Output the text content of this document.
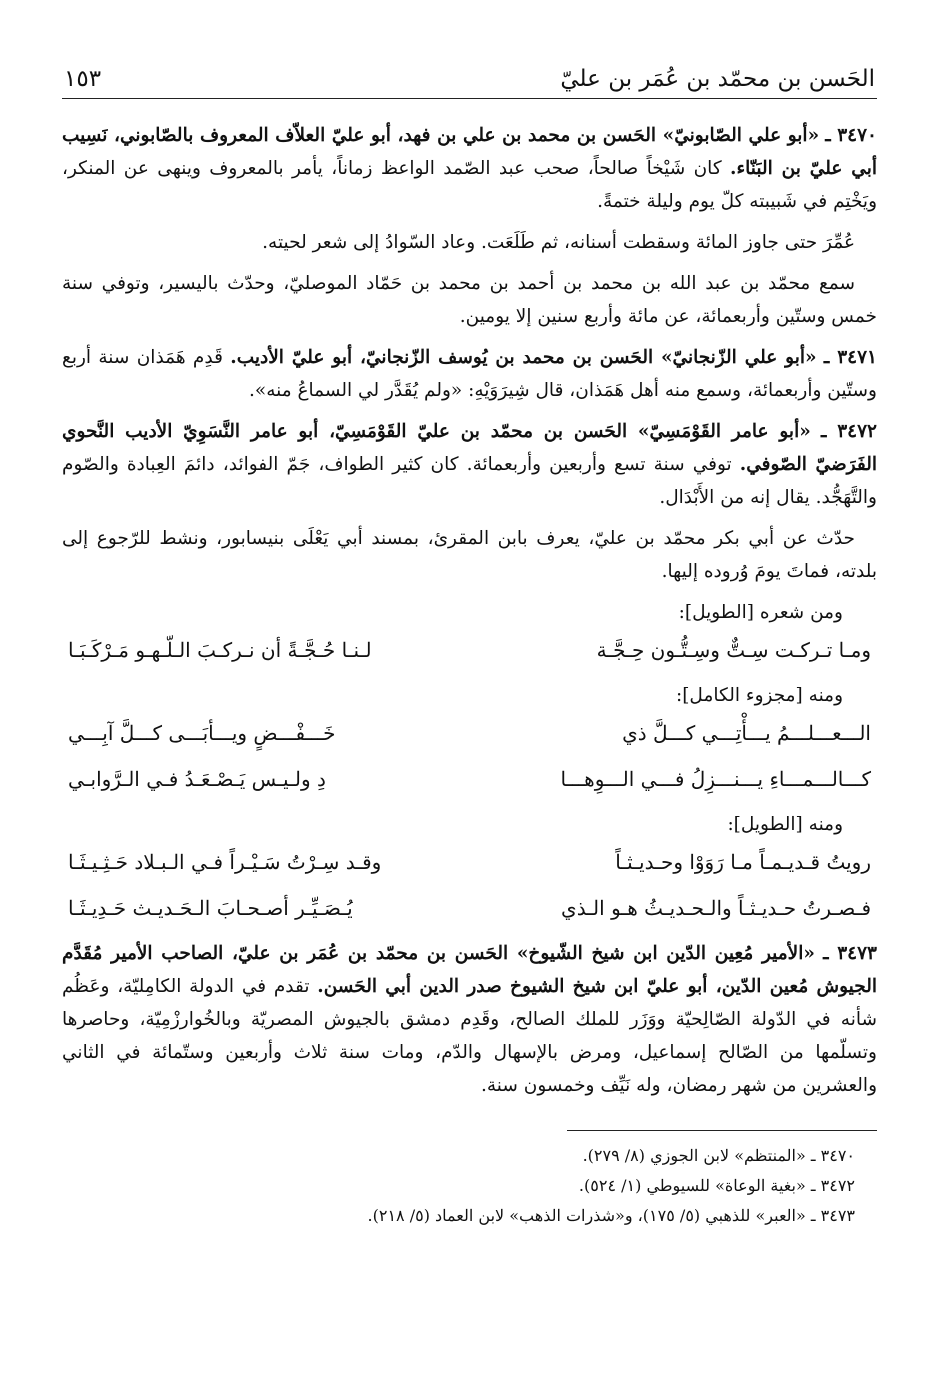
الحَسن بن محمّد بن عُمَر بن عليّ
١٥٣

٣٤٧٠ ـ «أبو علي الصّابونيّ» الحَسن بن محمد بن علي بن فهد، أبو عليّ العلاّف المعروف بالصّابوني، نَسِيب أبي عليّ بن البَنّاء. كان شَيْخاً صالحاً، صحب عبد الصّمد الواعظ زماناً، يأمر بالمعروف وينهى عن المنكر، ويَخْتِم في شَبيبته كلّ يوم وليلة ختمةً.

عُمِّرَ حتى جاوز المائة وسقطت أسنانه، ثم طَلَعَت. وعاد السّوادُ إلى شعر لحيته.

سمع محمّد بن عبد الله بن محمد بن أحمد بن محمد بن حَمّاد الموصليّ، وحدّث باليسير، وتوفي سنة خمس وستّين وأربعمائة، عن مائة وأربع سنين إلا يومين.

٣٤٧١ ـ «أبو علي الزّنجانيّ» الحَسن بن محمد بن يُوسف الزّنجانيّ، أبو عليّ الأديب. قَدِم هَمَذان سنة أربع وستّين وأربعمائة، وسمع منه أهل هَمَذان، قال شِيرَوَيْهِ: «ولم يُقَدَّر لي السماعُ منه».

٣٤٧٢ ـ «أبو عامر القَوْمَسِيّ» الحَسن بن محمّد بن عليّ القَوْمَسِيّ، أبو عامر النَّسَوِيّ الأديب النَّحوي الفَرَضيّ الصّوفي. توفي سنة تسع وأربعين وأربعمائة. كان كثير الطواف، جَمّ الفوائد، دائمَ العِبادة والصّوم والتَّهَجُّد. يقال إنه من الأَبْدَال.

حدّث عن أبي بكر محمّد بن عليّ، يعرف بابن المقرئ، بمسند أبي يَعْلَى بنيسابور، ونشط للرّجوع إلى بلدته، فماتَ يومَ وُروده إليها.

ومن شعره [الطويل]:
ومـا تـركـت سِـتٌّ وسِـتُّـون حِـجَّـة
لـنـا حُـجَّـةً أن نـركـبَ الـلّـهـو مَـرْكَـبَـا
ومنه [مجزوء الكامل]:
الـــعـــلـــمُ يـــأْتِـــي كـــلَّ ذي
خَـــفْـــضٍ ويـــأبَـــى كـــلَّ آبِـــي
كـــالـــمـــاءِ يـــنـــزِلُ فـــي الـــوِهـــا
دِ ولـيـس يَـصْـعَـدُ فـي الـرَّوابـي
ومنه [الطويل]:
رويتُ قـديـمـاً مـا رَوَوْا وحـديـثـاً
وقـد سِـرْتُ سَـيْـراً فـي الـبـلاد حَـثِـيـثَـا
فـصـرتُ حـديـثـاً والـحـديـثُ هـو الـذي
يُـصَـيِّـر أصـحـابَ الـحَـديـث حَـدِيـثَـا

٣٤٧٣ ـ «الأمير مُعِين الدّين ابن شيخ الشّيوخ» الحَسن بن محمّد بن عُمَر بن عليّ، الصاحب الأمير مُقَدَّم الجيوش مُعين الدّين، أبو عليّ ابن شيخ الشيوخ صدر الدين أبي الحَسن. تقدم في الدولة الكامِليّة، وعَظُم شأنه في الدّولة الصّالِحيّة ووَزَر للملك الصالح، وقَدِم دمشق بالجيوش المصريّة وبالخُوارزْمِيّة، وحاصرها وتسلّمها من الصّالح إسماعيل، ومرض بالإسهال والدّم، ومات سنة ثلاث وأربعين وستّمائة في الثاني والعشرين من شهر رمضان، وله نَيِّف وخمسون سنة.

٣٤٧٠ ـ «المنتظم» لابن الجوزي (٨/ ٢٧٩).
٣٤٧٢ ـ «بغية الوعاة» للسيوطي (١/ ٥٢٤).
٣٤٧٣ ـ «العبر» للذهبي (٥/ ١٧٥)، و«شذرات الذهب» لابن العماد (٥/ ٢١٨).
